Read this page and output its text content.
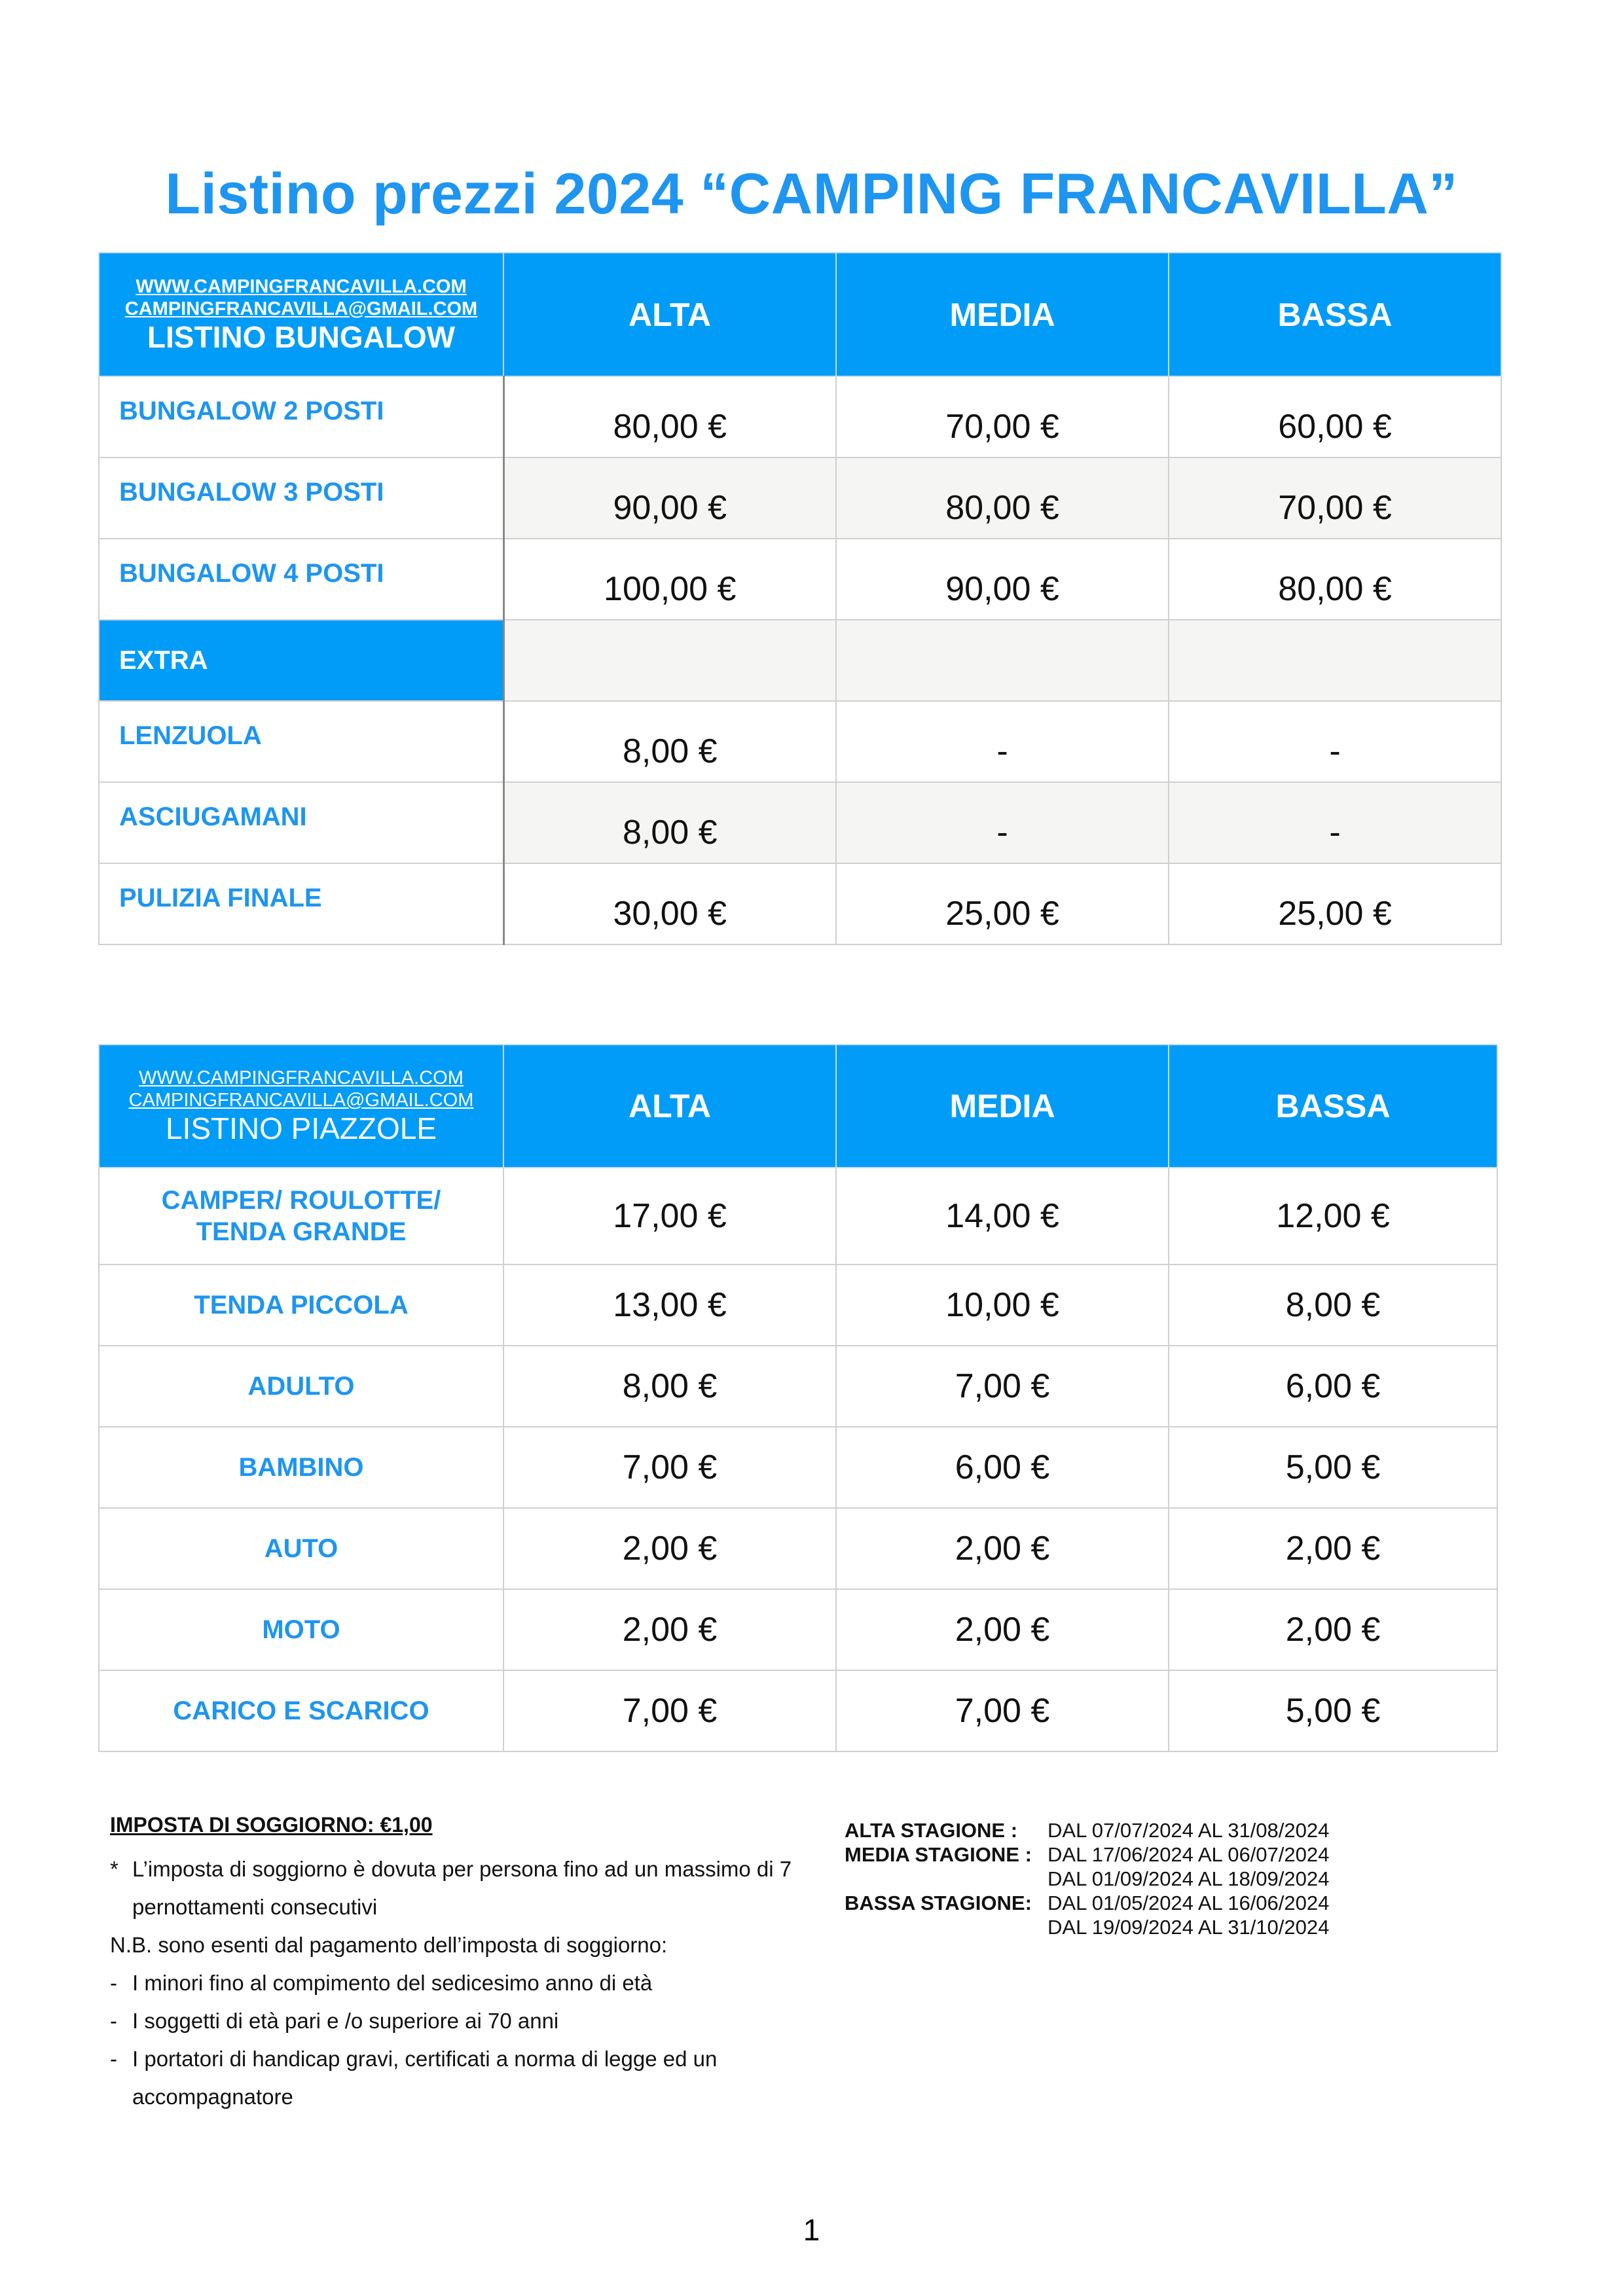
Listino prezzi 2024 “CAMPING FRANCAVILLA”
WWW.CAMPINGFRANCAVILLA.COM
CAMPINGFRANCAVILLA@GMAIL.COM
LISTINO BUNGALOW	ALTA	MEDIA	BASSA
BUNGALOW 2 POSTI	80,00 €	70,00 €	60,00 €
BUNGALOW 3 POSTI	90,00 €	80,00 €	70,00 €
BUNGALOW 4 POSTI	100,00 €	90,00 €	80,00 €
EXTRA			
LENZUOLA	8,00 €	-	-
ASCIUGAMANI	8,00 €	-	-
PULIZIA FINALE	30,00 €	25,00 €	25,00 €
WWW.CAMPINGFRANCAVILLA.COM
CAMPINGFRANCAVILLA@GMAIL.COM
LISTINO PIAZZOLE	ALTA	MEDIA	BASSA
CAMPER/ ROULOTTE/ TENDA GRANDE	17,00 €	14,00 €	12,00 €
TENDA PICCOLA	13,00 €	10,00 €	8,00 €
ADULTO	8,00 €	7,00 €	6,00 €
BAMBINO	7,00 €	6,00 €	5,00 €
AUTO	2,00 €	2,00 €	2,00 €
MOTO	2,00 €	2,00 €	2,00 €
CARICO E SCARICO	7,00 €	7,00 €	5,00 €
IMPOSTA DI SOGGIORNO: €1,00
* L’imposta di soggiorno è dovuta per persona fino ad un massimo di 7
pernottamenti consecutivi
N.B. sono esenti dal pagamento dell’imposta di soggiorno:
- I minori fino al compimento del sedicesimo anno di età
- I soggetti di età pari e /o superiore ai 70 anni
- I portatori di handicap gravi, certificati a norma di legge ed un
accompagnatore
ALTA STAGIONE :	DAL 07/07/2024 AL 31/08/2024
MEDIA STAGIONE : DAL 17/06/2024 AL 06/07/2024
DAL 01/09/2024 AL 18/09/2024
BASSA STAGIONE: DAL 01/05/2024 AL 16/06/2024
DAL 19/09/2024 AL 31/10/2024
1
